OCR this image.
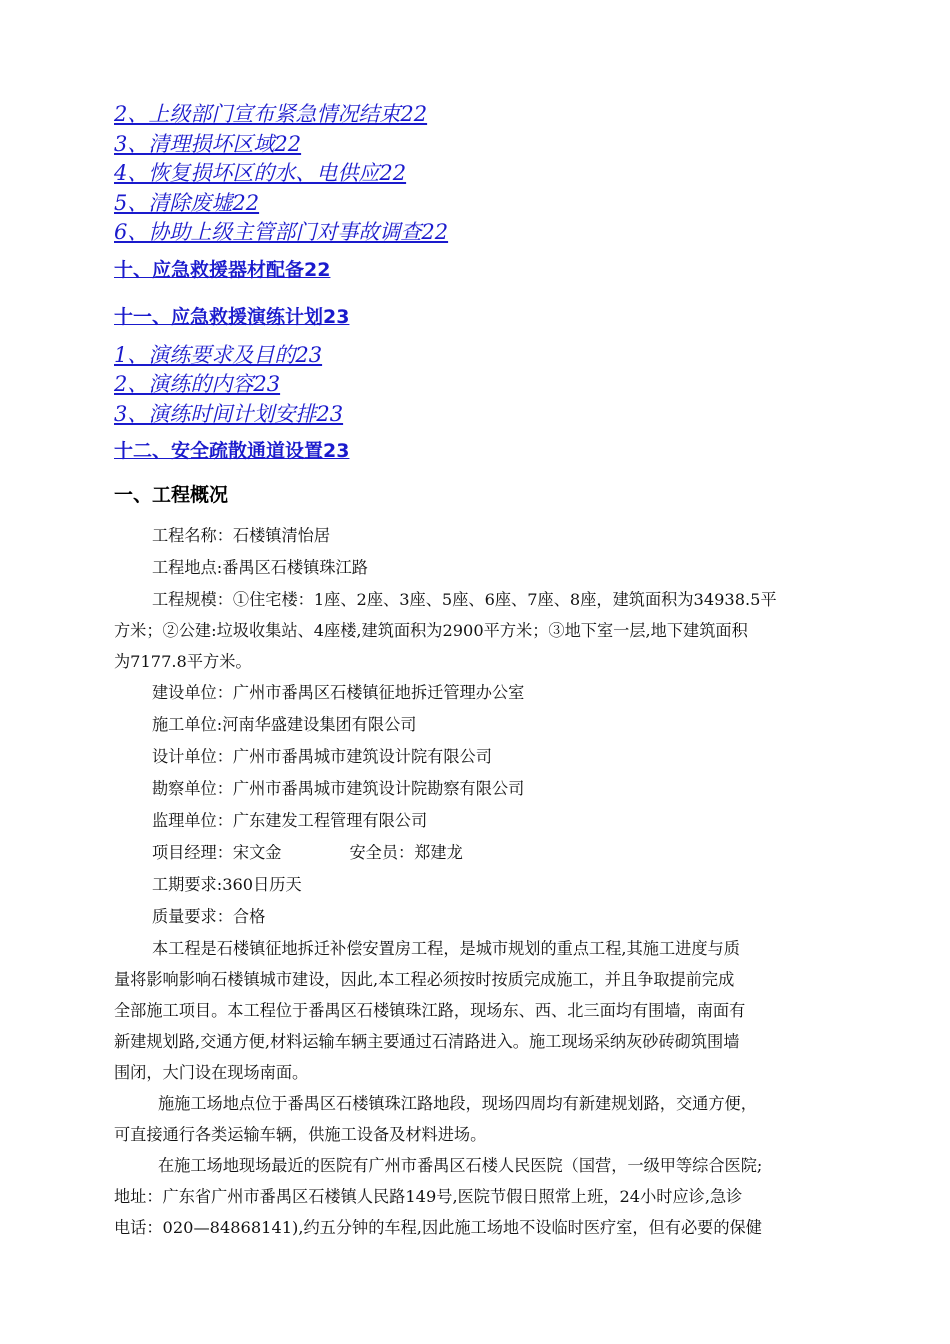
2、上级部门宣布紧急情况结束22
3、清理损坏区域22
4、恢复损坏区的水、电供应22
5、清除废墟22
6、协助上级主管部门对事故调查22
十、应急救援器材配备22
十一、应急救援演练计划23
1、演练要求及目的23
2、演练的内容23
3、演练时间计划安排23
十二、安全疏散通道设置23
一、工程概况
工程名称：石楼镇清怡居
工程地点:番禺区石楼镇珠江路
工程规模：①住宅楼：1座、2座、3座、5座、6座、7座、8座，建筑面积为34938.5平
方米；②公建:垃圾收集站、4座楼,建筑面积为2900平方米；③地下室一层,地下建筑面积
为7177.8平方米。
建设单位：广州市番禺区石楼镇征地拆迁管理办公室
施工单位:河南华盛建设集团有限公司
设计单位：广州市番禺城市建筑设计院有限公司
勘察单位：广州市番禺城市建筑设计院勘察有限公司
监理单位：广东建发工程管理有限公司
项目经理：宋文金	安全员：郑建龙
工期要求:360日历天
质量要求：合格
本工程是石楼镇征地拆迁补偿安置房工程，是城市规划的重点工程,其施工进度与质
量将影响影响石楼镇城市建设，因此,本工程必须按时按质完成施工，并且争取提前完成
全部施工项目。本工程位于番禺区石楼镇珠江路，现场东、西、北三面均有围墙，南面有
新建规划路,交通方便,材料运输车辆主要通过石清路进入。施工现场采纳灰砂砖砌筑围墙
围闭，大门设在现场南面。
施施工场地点位于番禺区石楼镇珠江路地段，现场四周均有新建规划路，交通方便，
可直接通行各类运输车辆，供施工设备及材料进场。
在施工场地现场最近的医院有广州市番禺区石楼人民医院（国营，一级甲等综合医院;
地址：广东省广州市番禺区石楼镇人民路149号,医院节假日照常上班，24小时应诊,急诊
电话：020—84868141),约五分钟的车程,因此施工场地不设临时医疗室，但有必要的保健
